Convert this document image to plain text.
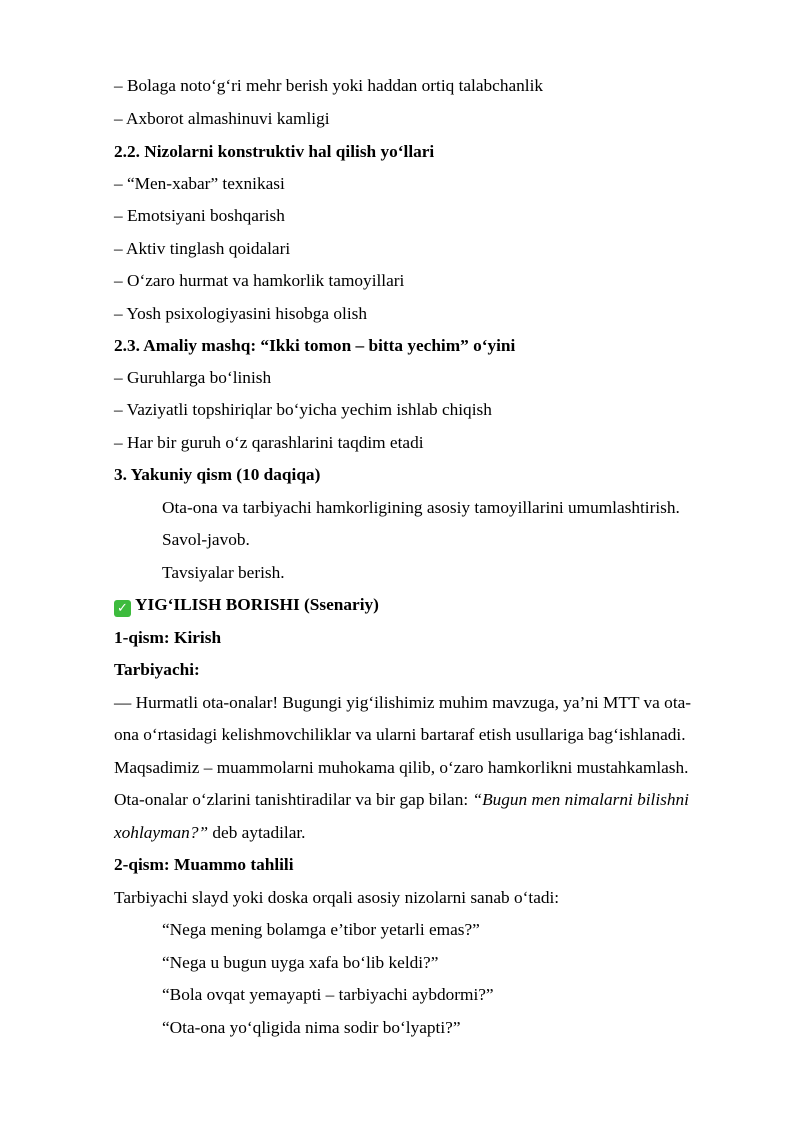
– Bolaga noto‘g‘ri mehr berish yoki haddan ortiq talabchanlik
– Axborot almashinuvi kamligi
2.2. Nizolarni konstruktiv hal qilish yo‘llari
– “Men-xabar” texnikasi
– Emotsiyani boshqarish
– Aktiv tinglash qoidalari
– O‘zaro hurmat va hamkorlik tamoyillari
– Yosh psixologiyasini hisobga olish
2.3. Amaliy mashq: “Ikki tomon – bitta yechim” o‘yini
– Guruhlarga bo‘linish
– Vaziyatli topshiriqlar bo‘yicha yechim ishlab chiqish
– Har bir guruh o‘z qarashlarini taqdim etadi
3. Yakuniy qism (10 daqiqa)
Ota-ona va tarbiyachi hamkorligining asosiy tamoyillarini umumlashtirish.
Savol-javob.
Tavsiyalar berish.
✓ YIG‘ILISH BORISHI (Ssenariy)
1-qism: Kirish
Tarbiyachi:
— Hurmatli ota-onalar! Bugungi yig‘ilishimiz muhim mavzuga, ya’ni MTT va ota-
ona o‘rtasidagi kelishmovchiliklar va ularni bartaraf etish usullariga bag‘ishlanadi.
Maqsadimiz – muammolarni muhokama qilib, o‘zaro hamkorlikni mustahkamlash.
Ota-onalar o‘zlarini tanishtiradilar va bir gap bilan: “Bugun men nimalarni bilishni
xohlayman?” deb aytadilar.
2-qism: Muammo tahlili
Tarbiyachi slayd yoki doska orqali asosiy nizolarni sanab o‘tadi:
“Nega mening bolamga e’tibor yetarli emas?”
“Nega u bugun uyga xafa bo‘lib keldi?”
“Bola ovqat yemayapti – tarbiyachi aybdormi?”
“Ota-ona yo‘qligida nima sodir bo‘lyapti?”
